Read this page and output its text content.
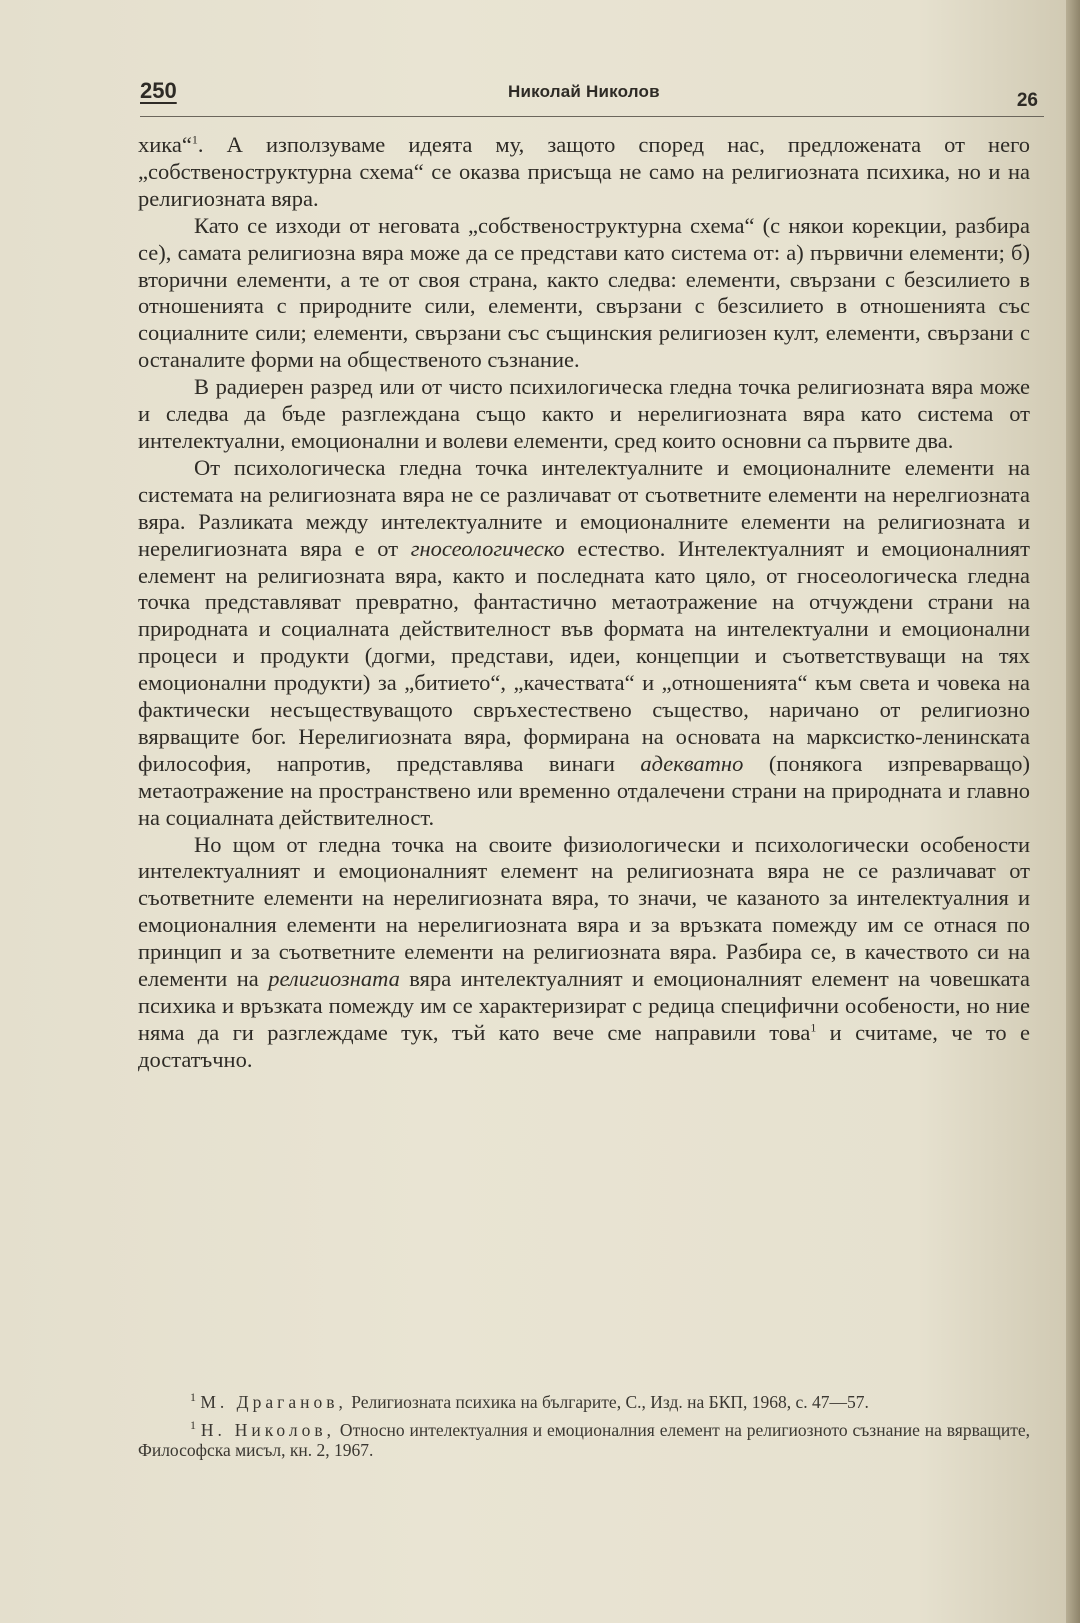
250	Николай Николов	26

хика“$^1$. А използуваме идеята му, защото според нас, предложената от него „собственоструктурна схема“ се оказва присъща не само на религиозната психика, но и на религиозната вяра.

Като се изходи от неговата „собственоструктурна схема“ (с някои корекции, разбира се), самата религиозна вяра може да се представи като система от: а) първични елементи; б) вторични елементи, а те от своя страна, както следва: елементи, свързани с безсилието в отношенията с природните сили, елементи, свързани с безсилието в отношенията със социалните сили; елементи, свързани със същинския религиозен култ, елементи, свързани с останалите форми на общественото съзнание.

В радиерен разред или от чисто психилогическа гледна точка религиозната вяра може и следва да бъде разглеждана също както и нерелигиозната вяра като система от интелектуални, емоционални и волеви елементи, сред които основни са първите два.

От психологическа гледна точка интелектуалните и емоционалните елементи на системата на религиозната вяра не се различават от съответните елементи на нерелгиозната вяра. Разликата между интелектуалните и емоционалните елементи на религиозната и нерелигиозната вяра е от гносеологическо естество. Интелектуалният и емоционалният елемент на религиозната вяра, както и последната като цяло, от гносеологическа гледна точка представляват превратно, фантастично метаотражение на отчуждени страни на природната и социалната действителност във формата на интелектуални и емоционални процеси и продукти (догми, представи, идеи, концепции и съответствуващи на тях емоционални продукти) за „битието“, „качествата“ и „отношенията“ към света и човека на фактически несъществуващото свръхестествено същество, наричано от религиозно вярващите бог. Нерелигиозната вяра, формирана на основата на марксистко-ленинската философия, напротив, представлява винаги адекватно (понякога изпреварващо) метаотражение на пространствено или временно отдалечени страни на природната и главно на социалната действителност.

Но щом от гледна точка на своите физиологически и психологически особености интелектуалният и емоционалният елемент на религиозната вяра не се различават от съответните елементи на нерелигиозната вяра, то значи, че казаното за интелектуалния и емоционалния елементи на нерелигиозната вяра и за връзката помежду им се отнася по принцип и за съответните елементи на религиозната вяра. Разбира се, в качеството си на елементи на религиозната вяра интелектуалният и емоционалният елемент на човешката психика и връзката помежду им се характеризират с редица специфични особености, но ние няма да ги разглеждаме тук, тъй като вече сме направили това$^1$ и считаме, че то е достатъчно.

$^1$ М. Драганов, Религиозната психика на българите, С., Изд. на БКП, 1968, с. 47—57.

$^1$ Н. Николов, Относно интелектуалния и емоционалния елемент на религиозното съзнание на вярващите, Философска мисъл, кн. 2, 1967.
